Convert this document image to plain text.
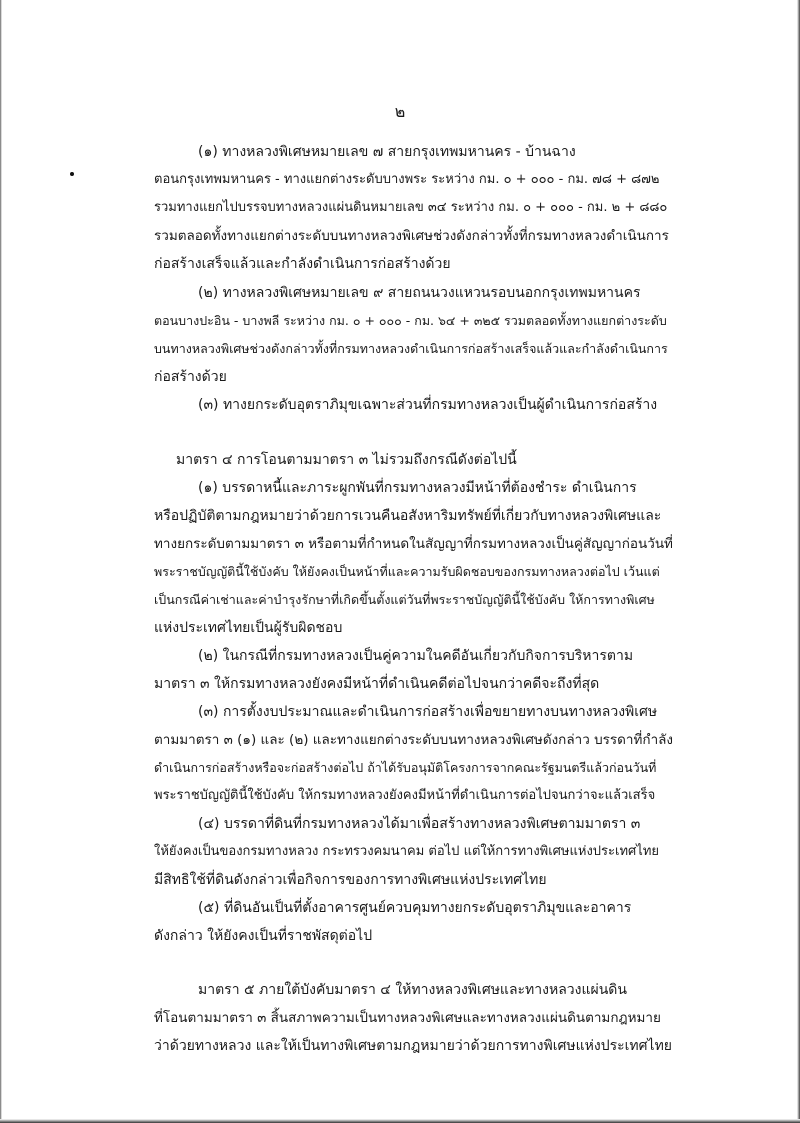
๒
(๑) ทางหลวงพิเศษหมายเลข ๗ สายกรุงเทพมหานคร - บ้านฉาง
ตอนกรุงเทพมหานคร - ทางแยกต่างระดับบางพระ ระหว่าง กม. ๐ + ๐๐๐ - กม. ๗๘ + ๘๗๒
รวมทางแยกไปบรรจบทางหลวงแผ่นดินหมายเลข ๓๔ ระหว่าง กม. ๐ + ๐๐๐ - กม. ๒ + ๘๘๐
รวมตลอดทั้งทางแยกต่างระดับบนทางหลวงพิเศษช่วงดังกล่าวทั้งที่กรมทางหลวงดำเนินการ
ก่อสร้างเสร็จแล้วและกำลังดำเนินการก่อสร้างด้วย
(๒) ทางหลวงพิเศษหมายเลข ๙ สายถนนวงแหวนรอบนอกกรุงเทพมหานคร
ตอนบางปะอิน - บางพลี ระหว่าง กม. ๐ + ๐๐๐ - กม. ๖๔ + ๓๒๕ รวมตลอดทั้งทางแยกต่างระดับ
บนทางหลวงพิเศษช่วงดังกล่าวทั้งที่กรมทางหลวงดำเนินการก่อสร้างเสร็จแล้วและกำลังดำเนินการ
ก่อสร้างด้วย
(๓) ทางยกระดับอุตราภิมุขเฉพาะส่วนที่กรมทางหลวงเป็นผู้ดำเนินการก่อสร้าง
มาตรา ๔ การโอนตามมาตรา ๓ ไม่รวมถึงกรณีดังต่อไปนี้
(๑) บรรดาหนี้และภาระผูกพันที่กรมทางหลวงมีหน้าที่ต้องชำระ ดำเนินการ
หรือปฏิบัติตามกฎหมายว่าด้วยการเวนคืนอสังหาริมทรัพย์ที่เกี่ยวกับทางหลวงพิเศษและ
ทางยกระดับตามมาตรา ๓ หรือตามที่กำหนดในสัญญาที่กรมทางหลวงเป็นคู่สัญญาก่อนวันที่
พระราชบัญญัตินี้ใช้บังคับ ให้ยังคงเป็นหน้าที่และความรับผิดชอบของกรมทางหลวงต่อไป เว้นแต่
เป็นกรณีค่าเช่าและค่าบำรุงรักษาที่เกิดขึ้นตั้งแต่วันที่พระราชบัญญัตินี้ใช้บังคับ ให้การทางพิเศษ
แห่งประเทศไทยเป็นผู้รับผิดชอบ
(๒) ในกรณีที่กรมทางหลวงเป็นคู่ความในคดีอันเกี่ยวกับกิจการบริหารตาม
มาตรา ๓ ให้กรมทางหลวงยังคงมีหน้าที่ดำเนินคดีต่อไปจนกว่าคดีจะถึงที่สุด
(๓) การตั้งงบประมาณและดำเนินการก่อสร้างเพื่อขยายทางบนทางหลวงพิเศษ
ตามมาตรา ๓ (๑) และ (๒) และทางแยกต่างระดับบนทางหลวงพิเศษดังกล่าว บรรดาที่กำลัง
ดำเนินการก่อสร้างหรือจะก่อสร้างต่อไป ถ้าได้รับอนุมัติโครงการจากคณะรัฐมนตรีแล้วก่อนวันที่
พระราชบัญญัตินี้ใช้บังคับ ให้กรมทางหลวงยังคงมีหน้าที่ดำเนินการต่อไปจนกว่าจะแล้วเสร็จ
(๔) บรรดาที่ดินที่กรมทางหลวงได้มาเพื่อสร้างทางหลวงพิเศษตามมาตรา ๓
ให้ยังคงเป็นของกรมทางหลวง กระทรวงคมนาคม ต่อไป แต่ให้การทางพิเศษแห่งประเทศไทย
มีสิทธิใช้ที่ดินดังกล่าวเพื่อกิจการของการทางพิเศษแห่งประเทศไทย
(๕) ที่ดินอันเป็นที่ตั้งอาคารศูนย์ควบคุมทางยกระดับอุตราภิมุขและอาคาร
ดังกล่าว ให้ยังคงเป็นที่ราชพัสดุต่อไป
มาตรา ๕ ภายใต้บังคับมาตรา ๔ ให้ทางหลวงพิเศษและทางหลวงแผ่นดิน
ที่โอนตามมาตรา ๓ สิ้นสภาพความเป็นทางหลวงพิเศษและทางหลวงแผ่นดินตามกฎหมาย
ว่าด้วยทางหลวง และให้เป็นทางพิเศษตามกฎหมายว่าด้วยการทางพิเศษแห่งประเทศไทย
